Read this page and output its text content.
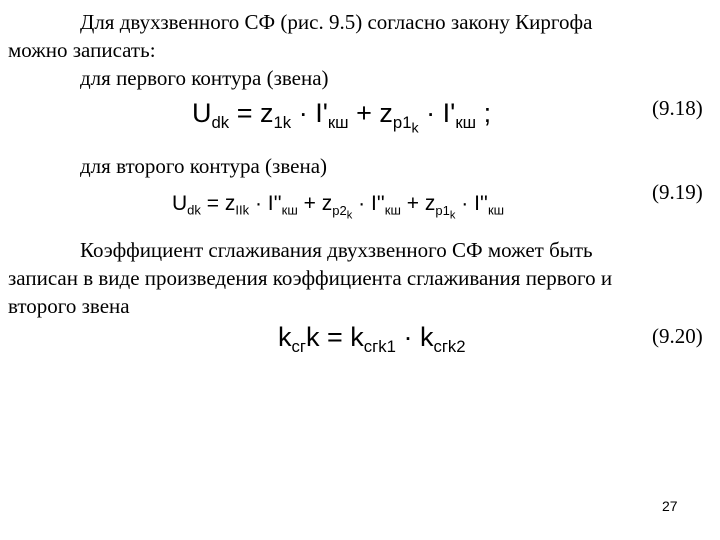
Для двухзвенного СФ (рис. 9.5) согласно закону Киргофа
можно записать:
для первого контура (звена)
$U_{dk} = z_{1k} \cdot I'_{кш} + z_{p1_k} \cdot I'_{кш}$ ;	(9.18)
для второго контура (звена)
$U_{dk} = z_{IIk} \cdot I''_{кш} + z_{p2_k} \cdot I''_{кш} + z_{p1_k} \cdot I''_{кш}$
(9.19)
Коэффициент сглаживания двухзвенного СФ может быть
записан в виде произведения коэффициента сглаживания первого и
второго звена
$k_{сг}k = k_{сгk1} \cdot k_{сгk2}$	(9.20)
27
